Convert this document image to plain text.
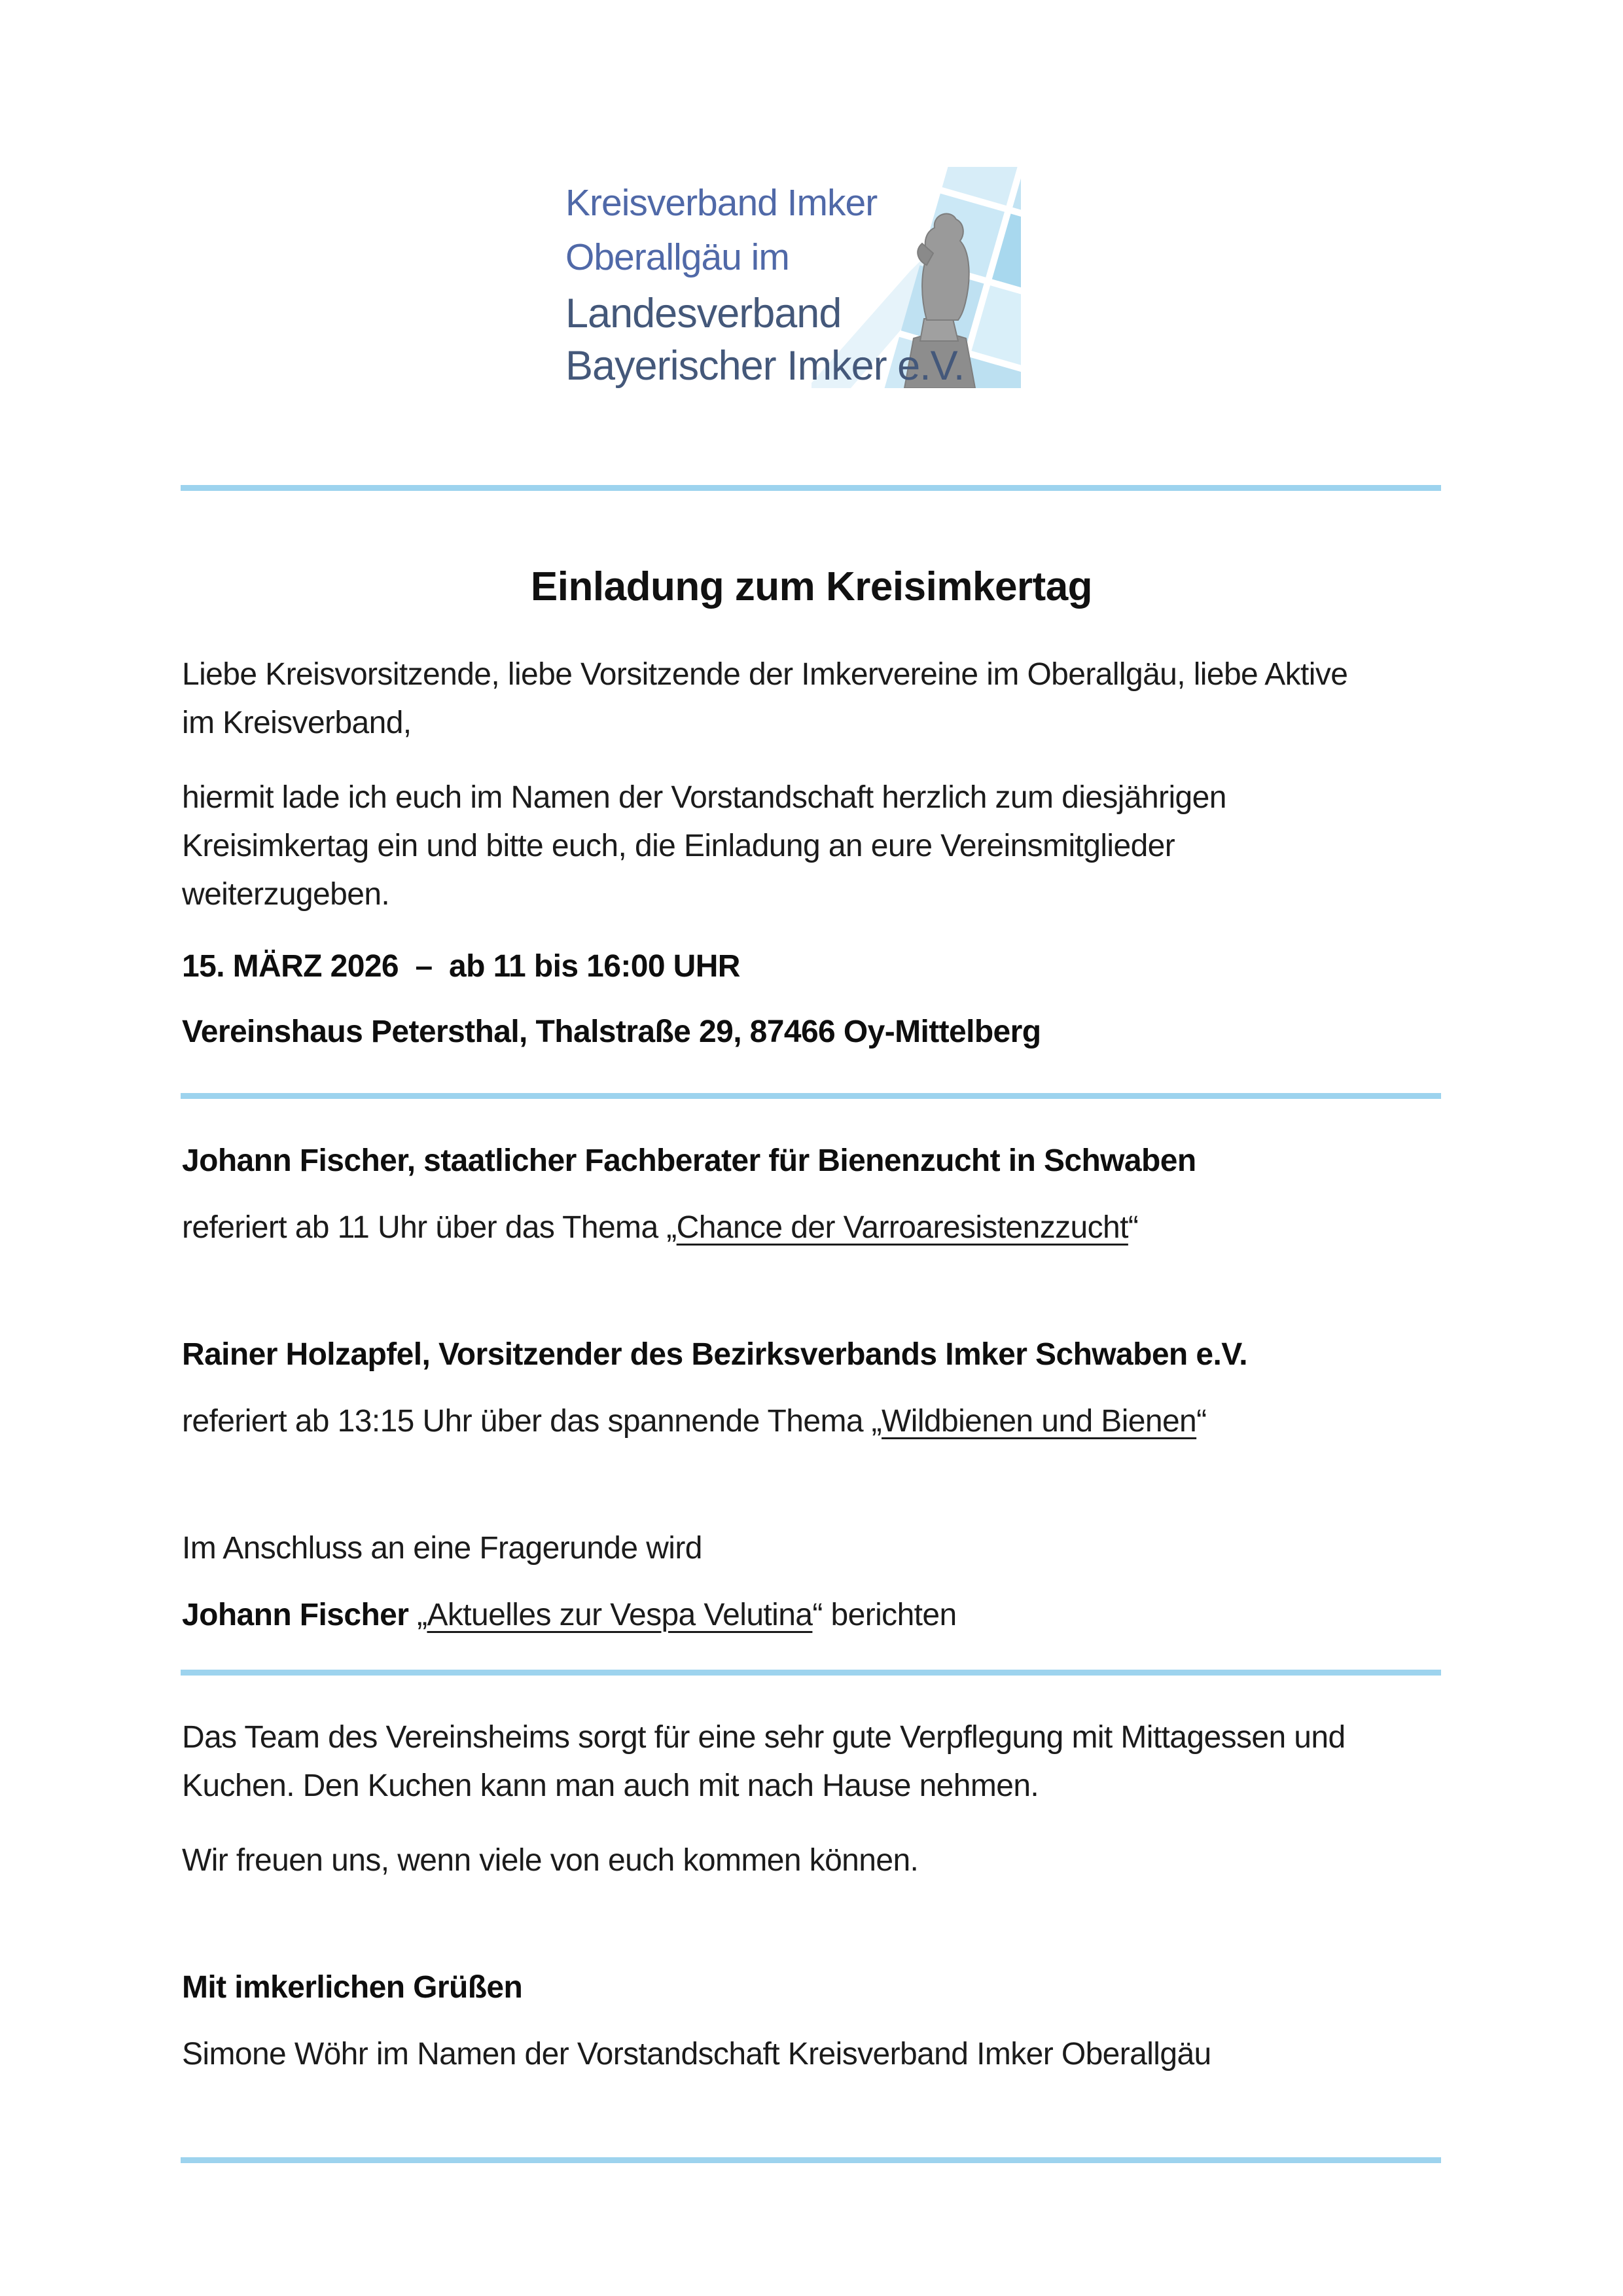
Kreisverband Imker
Oberallgäu im
Landesverband
Bayerischer Imker e.V.
Einladung zum Kreisimkertag
Liebe Kreisvorsitzende, liebe Vorsitzende der Imkervereine im Oberallgäu, liebe Aktive
im Kreisverband,
hiermit lade ich euch im Namen der Vorstandschaft herzlich zum diesjährigen
Kreisimkertag ein und bitte euch, die Einladung an eure Vereinsmitglieder
weiterzugeben.
15. MÄRZ 2026  –  ab 11 bis 16:00 UHR
Vereinshaus Petersthal, Thalstraße 29, 87466 Oy-Mittelberg
Johann Fischer, staatlicher Fachberater für Bienenzucht in Schwaben
referiert ab 11 Uhr über das Thema „Chance der Varroaresistenzzucht“
Rainer Holzapfel, Vorsitzender des Bezirksverbands Imker Schwaben e.V.
referiert ab 13:15 Uhr über das spannende Thema „Wildbienen und Bienen“
Im Anschluss an eine Fragerunde wird
Johann Fischer „Aktuelles zur Vespa Velutina“ berichten
Das Team des Vereinsheims sorgt für eine sehr gute Verpflegung mit Mittagessen und
Kuchen. Den Kuchen kann man auch mit nach Hause nehmen.
Wir freuen uns, wenn viele von euch kommen können.
Mit imkerlichen Grüßen
Simone Wöhr im Namen der Vorstandschaft Kreisverband Imker Oberallgäu
